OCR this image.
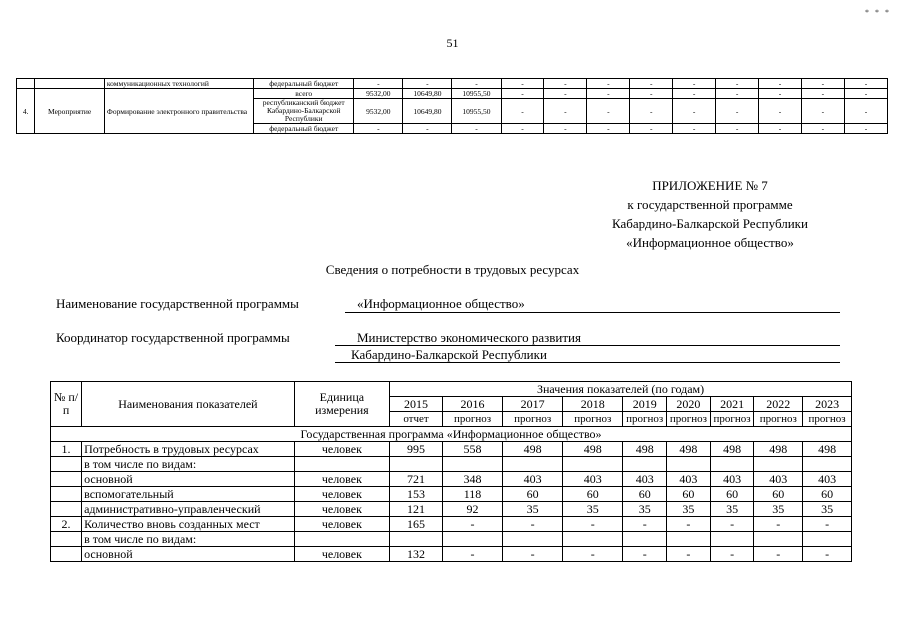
* * *
51
		коммуникационных технологий	федеральный бюджет	-	-	-	-	-	-	-	-	-	-	-	-
4.	Мероприятие	Формирование электронного правительства	всего	9532,00	10649,80	10955,50	-	-	-	-	-	-	-	-	-
			республиканский бюджет Кабардино-Балкарской Республики	9532,00	10649,80	10955,50	-	-	-	-	-	-	-	-	-
			федеральный бюджет	-	-	-	-	-	-	-	-	-	-	-	-
ПРИЛОЖЕНИЕ № 7
к государственной программе
Кабардино-Балкарской Республики
«Информационное общество»
Сведения о потребности в трудовых ресурсах
Наименование государственной программы	«Информационное общество»
Координатор государственной программы	Министерство экономического развития
Кабардино-Балкарской Республики
№ п/п	Наименования показателей	Единица измерения	Значения показателей (по годам)								
			2015	2016	2017	2018	2019	2020	2021	2022	2023
			отчет	прогноз	прогноз	прогноз	прогноз	прогноз	прогноз	прогноз	прогноз
Государственная программа «Информационное общество»											
1.	Потребность в трудовых ресурсах	человек	995	558	498	498	498	498	498	498	498
	в том числе по видам:										
	основной	человек	721	348	403	403	403	403	403	403	403
	вспомогательный	человек	153	118	60	60	60	60	60	60	60
	административно-управленческий	человек	121	92	35	35	35	35	35	35	35
2.	Количество вновь созданных мест	человек	165	-	-	-	-	-	-	-	-
	в том числе по видам:										
	основной	человек	132	-	-	-	-	-	-	-	-
